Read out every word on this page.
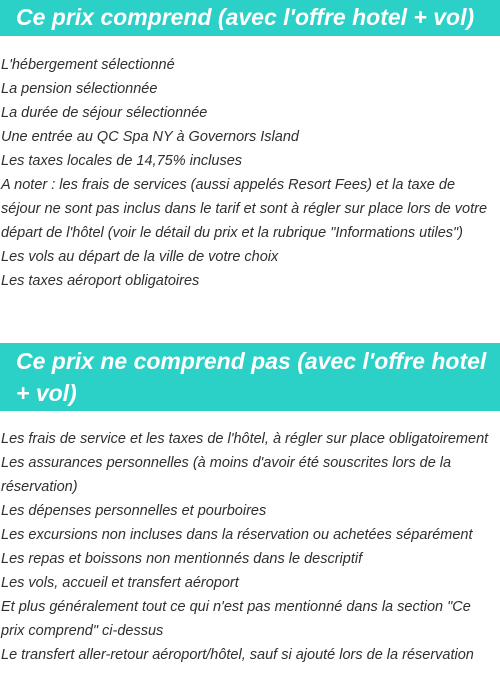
Ce prix comprend (avec l'offre hotel + vol)
L'hébergement sélectionné
La pension sélectionnée
La durée de séjour sélectionnée
Une entrée au QC Spa NY à Governors Island
Les taxes locales de 14,75% incluses
A noter : les frais de services (aussi appelés Resort Fees) et la taxe de séjour ne sont pas inclus dans le tarif et sont à régler sur place lors de votre départ de l'hôtel (voir le détail du prix et la rubrique "Informations utiles")
Les vols au départ de la ville de votre choix
Les taxes aéroport obligatoires
Ce prix ne comprend pas (avec l'offre hotel + vol)
Les frais de service et les taxes de l'hôtel, à régler sur place obligatoirement
Les assurances personnelles (à moins d'avoir été souscrites lors de la réservation)
Les dépenses personnelles et pourboires
Les excursions non incluses dans la réservation ou achetées séparément
Les repas et boissons non mentionnés dans le descriptif
Les vols, accueil et transfert aéroport
Et plus généralement tout ce qui n'est pas mentionné dans la section "Ce prix comprend" ci-dessus
Le transfert aller-retour aéroport/hôtel, sauf si ajouté lors de la réservation
